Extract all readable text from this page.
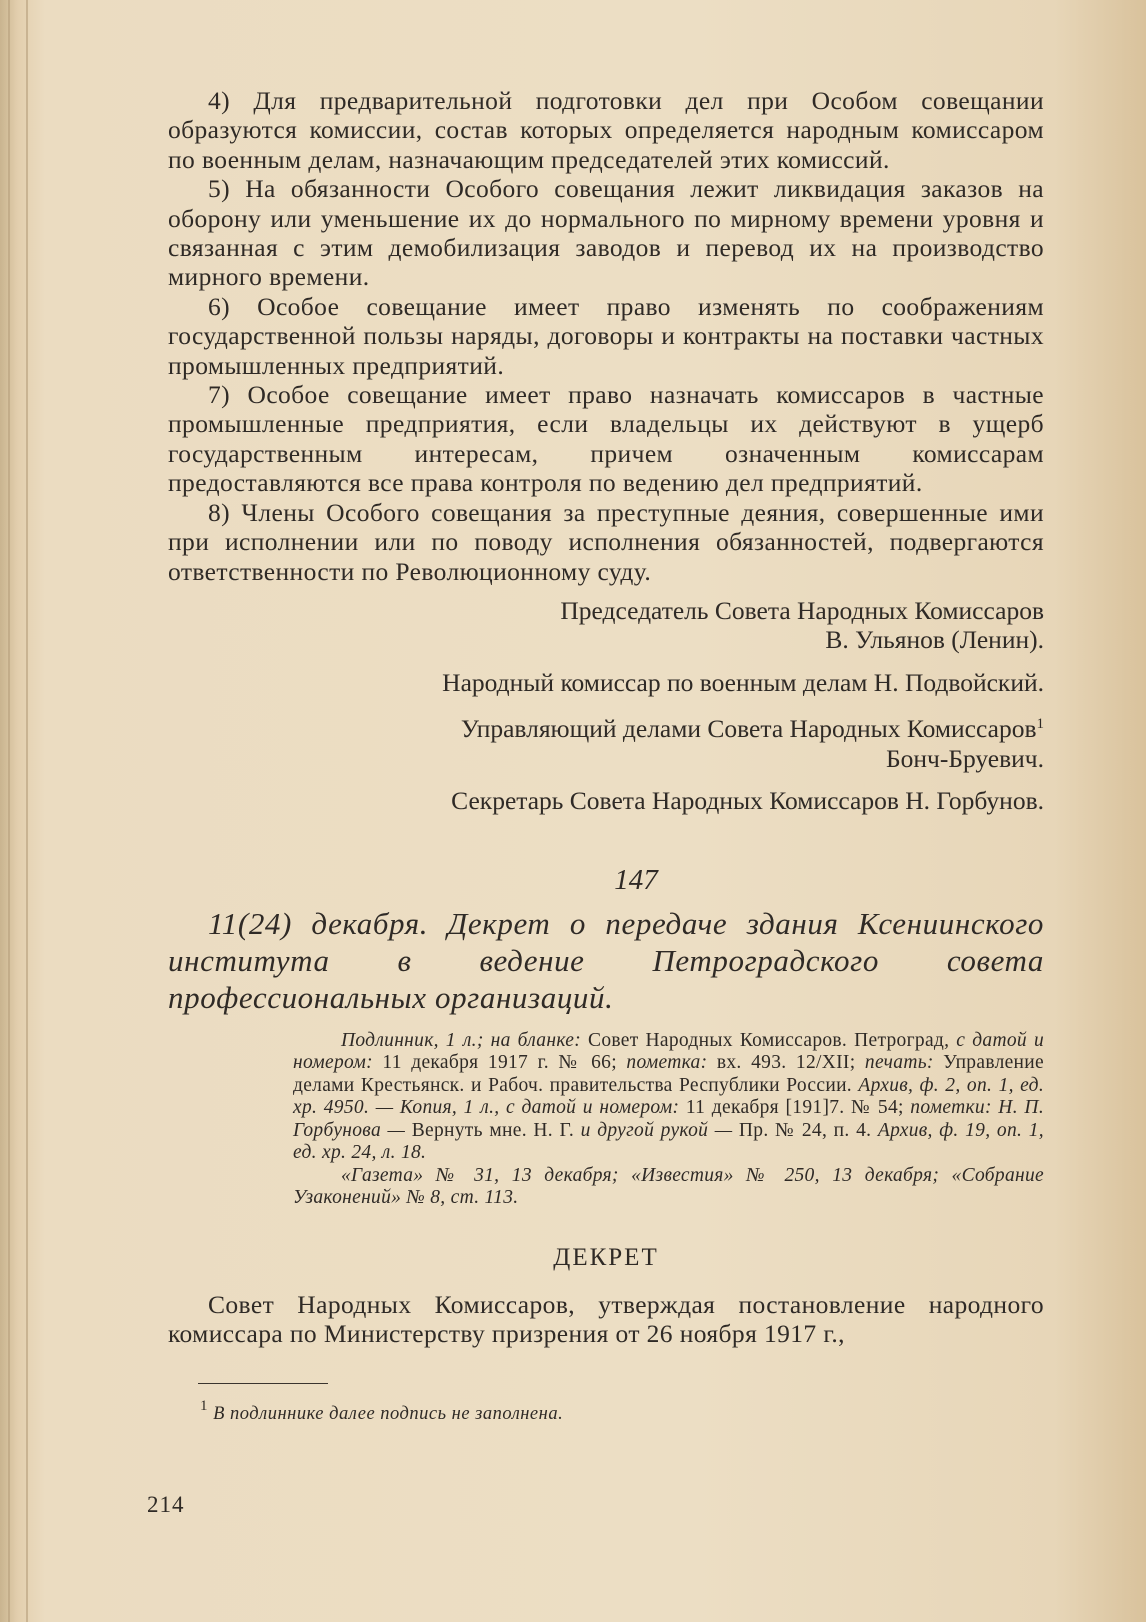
4) Для предварительной подготовки дел при Особом совещании образуются комиссии, состав которых определяется народным комиссаром по военным делам, назначающим председателей этих комиссий.

5) На обязанности Особого совещания лежит ликвидация заказов на оборону или уменьшение их до нормального по мирному времени уровня и связанная с этим демобилизация заводов и перевод их на производство мирного времени.

6) Особое совещание имеет право изменять по соображениям государственной пользы наряды, договоры и контракты на поставки частных промышленных предприятий.

7) Особое совещание имеет право назначать комиссаров в частные промышленные предприятия, если владельцы их действуют в ущерб государственным интересам, причем означенным комиссарам предоставляются все права контроля по ведению дел предприятий.

8) Члены Особого совещания за преступные деяния, совершенные ими при исполнении или по поводу исполнения обязанностей, подвергаются ответственности по Революционному суду.

Председатель Совета Народных Комиссаров
В. Ульянов (Ленин).
Народный комиссар по военным делам Н. Подвойский.
Управляющий делами Совета Народных Комиссаров$^1$
Бонч-Бруевич.
Секретарь Совета Народных Комиссаров Н. Горбунов.
147

11(24) декабря. Декрет о передаче здания Ксениинского института в ведение Петроградского совета профессиональных организаций.

Подлинник, 1 л.; на бланке: Совет Народных Комиссаров. Петроград, с датой и номером: 11 декабря 1917 г. № 66; пометка: вх. 493. 12/XII; печать: Управление делами Крестьянск. и Рабоч. правительства Республики России. Архив, ф. 2, оп. 1, ед. хр. 4950. — Копия, 1 л., с датой и номером: 11 декабря [191]7. № 54; пометки: Н. П. Горбунова — Вернуть мне. Н. Г. и другой рукой — Пр. № 24, п. 4. Архив, ф. 19, оп. 1, ед. хр. 24, л. 18.

«Газета» № 31, 13 декабря; «Известия» № 250, 13 декабря; «Собрание Узаконений» № 8, ст. 113.

ДЕКРЕТ

Совет Народных Комиссаров, утверждая постановление народного комиссара по Министерству призрения от 26 ноября 1917 г.,

$^1$ В подлиннике далее подпись не заполнена.
214
